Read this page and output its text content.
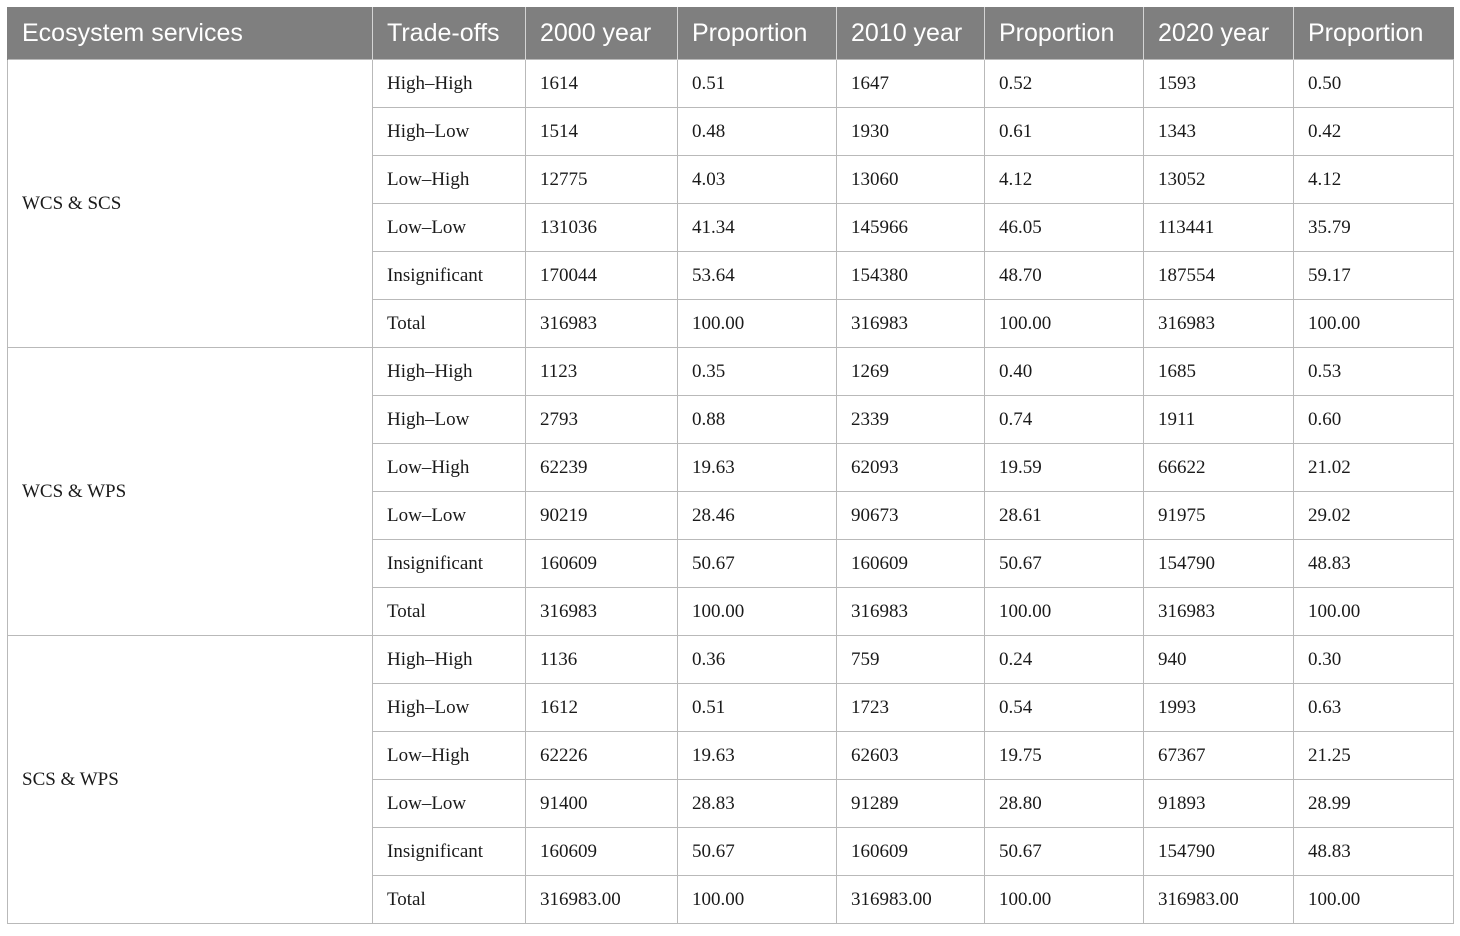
Ecosystem services	Trade-offs	2000 year	Proportion	2010 year	Proportion	2020 year	Proportion
WCS & SCS	High–High	1614	0.51	1647	0.52	1593	0.50
	High–Low	1514	0.48	1930	0.61	1343	0.42
	Low–High	12775	4.03	13060	4.12	13052	4.12
	Low–Low	131036	41.34	145966	46.05	113441	35.79
	Insignificant	170044	53.64	154380	48.70	187554	59.17
	Total	316983	100.00	316983	100.00	316983	100.00
WCS & WPS	High–High	1123	0.35	1269	0.40	1685	0.53
	High–Low	2793	0.88	2339	0.74	1911	0.60
	Low–High	62239	19.63	62093	19.59	66622	21.02
	Low–Low	90219	28.46	90673	28.61	91975	29.02
	Insignificant	160609	50.67	160609	50.67	154790	48.83
	Total	316983	100.00	316983	100.00	316983	100.00
SCS & WPS	High–High	1136	0.36	759	0.24	940	0.30
	High–Low	1612	0.51	1723	0.54	1993	0.63
	Low–High	62226	19.63	62603	19.75	67367	21.25
	Low–Low	91400	28.83	91289	28.80	91893	28.99
	Insignificant	160609	50.67	160609	50.67	154790	48.83
	Total	316983.00	100.00	316983.00	100.00	316983.00	100.00
